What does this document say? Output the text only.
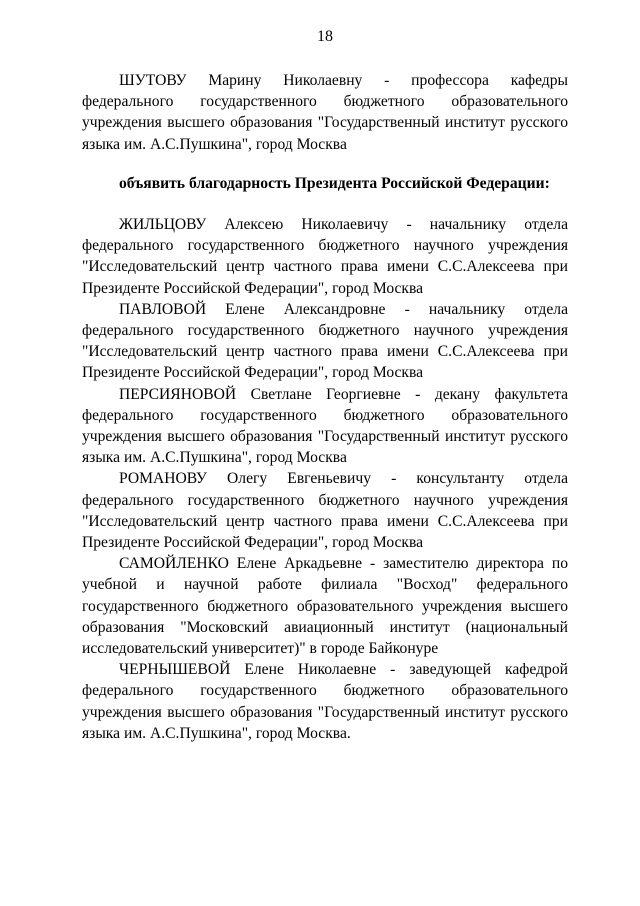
18

ШУТОВУ Марину Николаевну - профессора кафедры федерального государственного бюджетного образовательного учреждения высшего образования "Государственный институт русского языка им. А.С.Пушкина", город Москва

объявить благодарность Президента Российской Федерации:

ЖИЛЬЦОВУ Алексею Николаевичу - начальнику отдела федерального государственного бюджетного научного учреждения "Исследовательский центр частного права имени С.С.Алексеева при Президенте Российской Федерации", город Москва

ПАВЛОВОЙ Елене Александровне - начальнику отдела федерального государственного бюджетного научного учреждения "Исследовательский центр частного права имени С.С.Алексеева при Президенте Российской Федерации", город Москва

ПЕРСИЯНОВОЙ Светлане Георгиевне - декану факультета федерального государственного бюджетного образовательного учреждения высшего образования "Государственный институт русского языка им. А.С.Пушкина", город Москва

РОМАНОВУ Олегу Евгеньевичу - консультанту отдела федерального государственного бюджетного научного учреждения "Исследовательский центр частного права имени С.С.Алексеева при Президенте Российской Федерации", город Москва

САМОЙЛЕНКО Елене Аркадьевне - заместителю директора по учебной и научной работе филиала "Восход" федерального государственного бюджетного образовательного учреждения высшего образования "Московский авиационный институт (национальный исследовательский университет)" в городе Байконуре

ЧЕРНЫШЕВОЙ Елене Николаевне - заведующей кафедрой федерального государственного бюджетного образовательного учреждения высшего образования "Государственный институт русского языка им. А.С.Пушкина", город Москва.
